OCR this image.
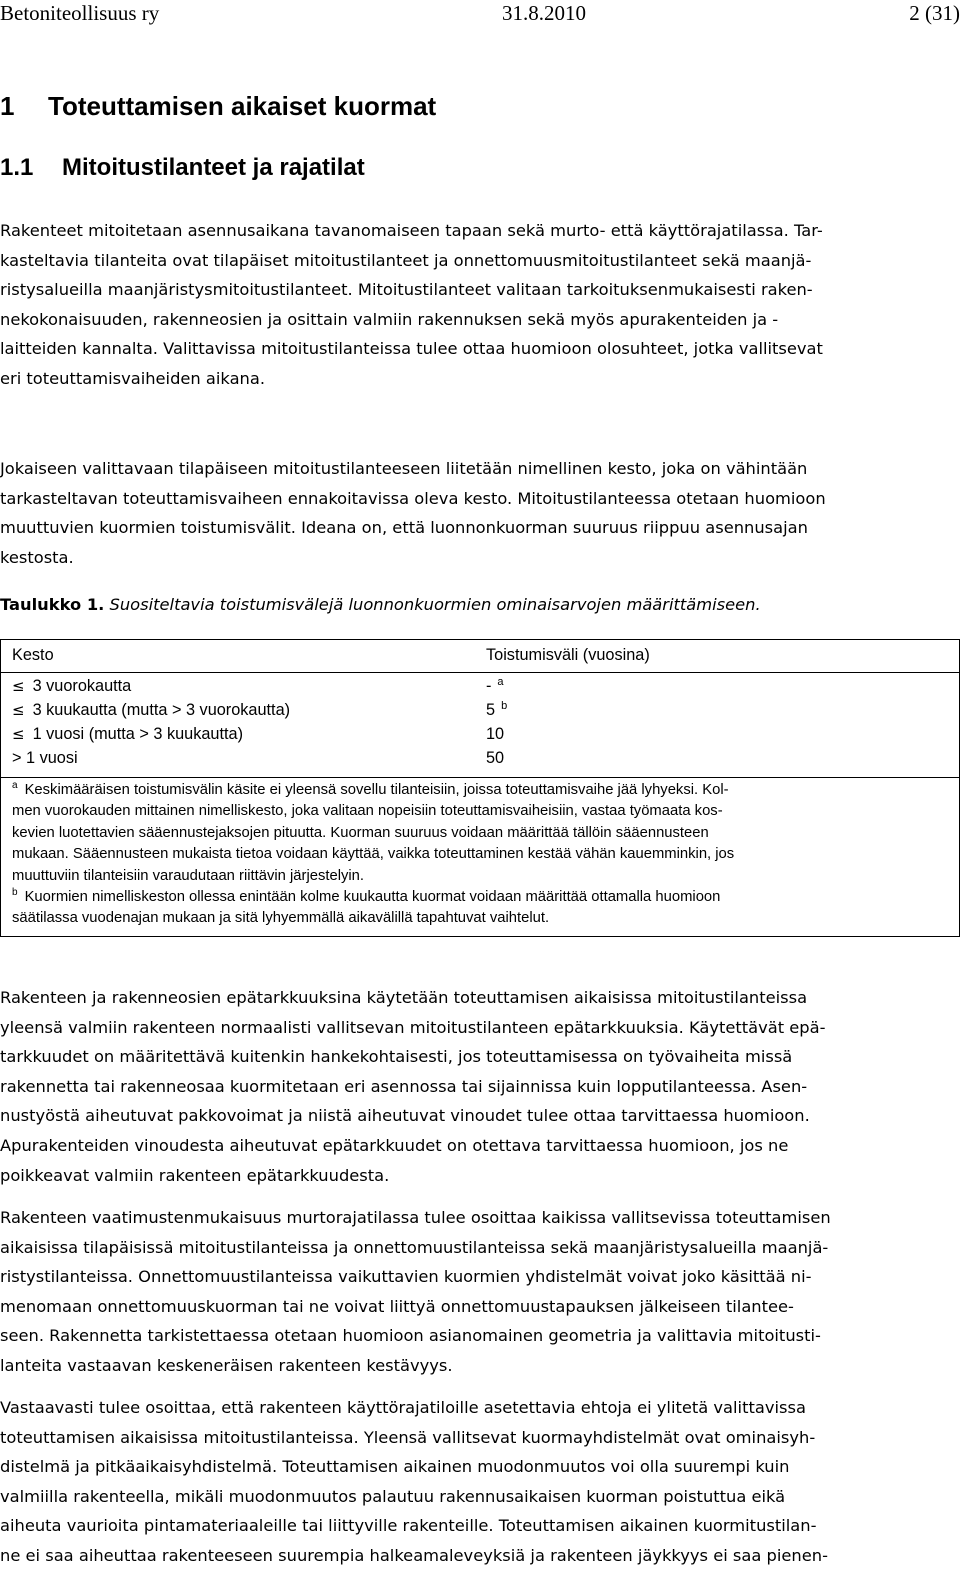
Betoniteollisuus ry	31.8.2010	2 (31)
1 Toteuttamisen aikaiset kuormat
1.1 Mitoitustilanteet ja rajatilat
Rakenteet mitoitetaan asennusaikana tavanomaiseen tapaan sekä murto- että käyttörajatilassa. Tar-
kasteltavia tilanteita ovat tilapäiset mitoitustilanteet ja onnettomuusmitoitustilanteet sekä maanjä-
ristysalueilla maanjäristysmitoitustilanteet. Mitoitustilanteet valitaan tarkoituksenmukaisesti raken-
nekokonaisuuden, rakenneosien ja osittain valmiin rakennuksen sekä myös apurakenteiden ja -
laitteiden kannalta. Valittavissa mitoitustilanteissa tulee ottaa huomioon olosuhteet, jotka vallitsevat
eri toteuttamisvaiheiden aikana.
Jokaiseen valittavaan tilapäiseen mitoitustilanteeseen liitetään nimellinen kesto, joka on vähintään
tarkasteltavan toteuttamisvaiheen ennakoitavissa oleva kesto. Mitoitustilanteessa otetaan huomioon
muuttuvien kuormien toistumisvälit. Ideana on, että luonnonkuorman suuruus riippuu asennusajan
kestosta.
Taulukko 1. Suositeltavia toistumisvälejä luonnonkuormien ominaisarvojen määrittämiseen.
Kesto	Toistumisväli (vuosina)
≤ 3 vuorokautta	- $^a$
≤ 3 kuukautta (mutta > 3 vuorokautta)	5 $^b$
≤ 1 vuosi (mutta > 3 kuukautta)	10
> 1 vuosi	50
$^a$ Keskimääräisen toistumisvälin käsite ei yleensä sovellu tilanteisiin, joissa toteuttamisvaihe jää lyhyeksi. Kol-
men vuorokauden mittainen nimelliskesto, joka valitaan nopeisiin toteuttamisvaiheisiin, vastaa työmaata kos-
kevien luotettavien sääennustejaksojen pituutta. Kuorman suuruus voidaan määrittää tällöin sääennusteen
mukaan. Sääennusteen mukaista tietoa voidaan käyttää, vaikka toteuttaminen kestää vähän kauemminkin, jos
muuttuviin tilanteisiin varaudutaan riittävin järjestelyin.
$^b$ Kuormien nimelliskeston ollessa enintään kolme kuukautta kuormat voidaan määrittää ottamalla huomioon
säätilassa vuodenajan mukaan ja sitä lyhyemmällä aikavälillä tapahtuvat vaihtelut.
Rakenteen ja rakenneosien epätarkkuuksina käytetään toteuttamisen aikaisissa mitoitustilanteissa
yleensä valmiin rakenteen normaalisti vallitsevan mitoitustilanteen epätarkkuuksia. Käytettävät epä-
tarkkuudet on määritettävä kuitenkin hankekohtaisesti, jos toteuttamisessa on työvaiheita missä
rakennetta tai rakenneosaa kuormitetaan eri asennossa tai sijainnissa kuin lopputilanteessa. Asen-
nustyöstä aiheutuvat pakkovoimat ja niistä aiheutuvat vinoudet tulee ottaa tarvittaessa huomioon.
Apurakenteiden vinoudesta aiheutuvat epätarkkuudet on otettava tarvittaessa huomioon, jos ne
poikkeavat valmiin rakenteen epätarkkuudesta.
Rakenteen vaatimustenmukaisuus murtorajatilassa tulee osoittaa kaikissa vallitsevissa toteuttamisen
aikaisissa tilapäisissä mitoitustilanteissa ja onnettomuustilanteissa sekä maanjäristysalueilla maanjä-
ristystilanteissa. Onnettomuustilanteissa vaikuttavien kuormien yhdistelmät voivat joko käsittää ni-
menomaan onnettomuuskuorman tai ne voivat liittyä onnettomuustapauksen jälkeiseen tilantee-
seen. Rakennetta tarkistettaessa otetaan huomioon asianomainen geometria ja valittavia mitoitusti-
lanteita vastaavan keskeneräisen rakenteen kestävyys.
Vastaavasti tulee osoittaa, että rakenteen käyttörajatiloille asetettavia ehtoja ei ylitetä valittavissa
toteuttamisen aikaisissa mitoitustilanteissa. Yleensä vallitsevat kuormayhdistelmät ovat ominaisyh-
distelmä ja pitkäaikaisyhdistelmä. Toteuttamisen aikainen muodonmuutos voi olla suurempi kuin
valmiilla rakenteella, mikäli muodonmuutos palautuu rakennusaikaisen kuorman poistuttua eikä
aiheuta vaurioita pintamateriaaleille tai liittyville rakenteille. Toteuttamisen aikainen kuormitustilan-
ne ei saa aiheuttaa rakenteeseen suurempia halkeamaleveyksiä ja rakenteen jäykkyys ei saa pienen-
